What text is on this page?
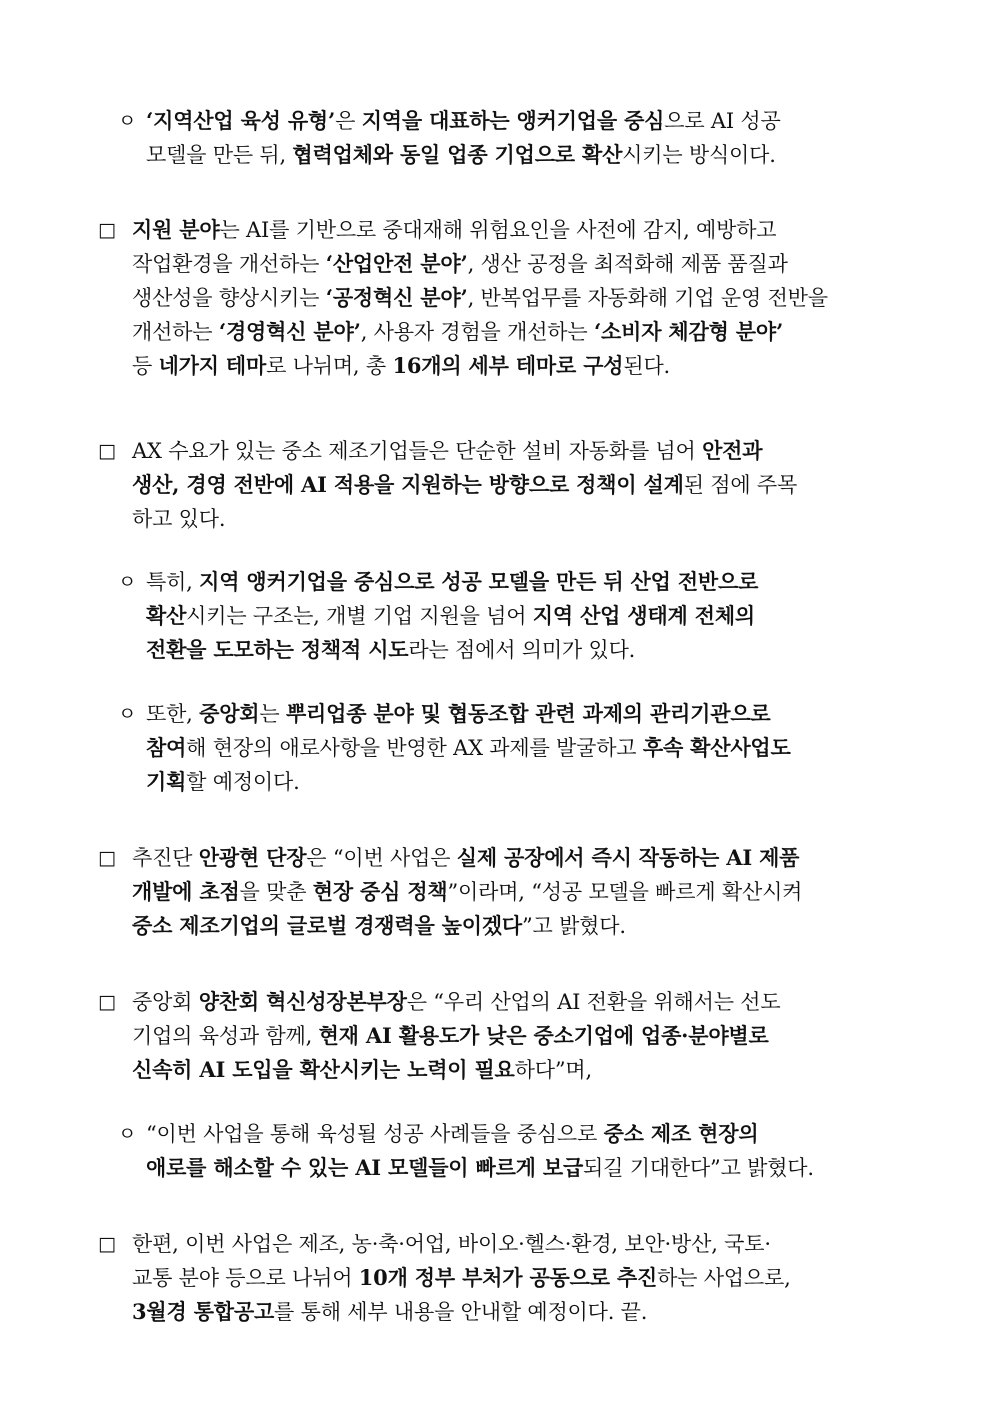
ㅇ ‘지역산업 육성 유형’은 지역을 대표하는 앵커기업을 중심으로 AI 성공
모델을 만든 뒤, 협력업체와 동일 업종 기업으로 확산시키는 방식이다.
□ 지원 분야는 AI를 기반으로 중대재해 위험요인을 사전에 감지, 예방하고
작업환경을 개선하는 ‘산업안전 분야’, 생산 공정을 최적화해 제품 품질과
생산성을 향상시키는 ‘공정혁신 분야’, 반복업무를 자동화해 기업 운영 전반을
개선하는 ‘경영혁신 분야’, 사용자 경험을 개선하는 ‘소비자 체감형 분야’
등 네가지 테마로 나뉘며, 총 16개의 세부 테마로 구성된다.
□ AX 수요가 있는 중소 제조기업들은 단순한 설비 자동화를 넘어 안전과
생산, 경영 전반에 AI 적용을 지원하는 방향으로 정책이 설계된 점에 주목
하고 있다.
ㅇ 특히, 지역 앵커기업을 중심으로 성공 모델을 만든 뒤 산업 전반으로
확산시키는 구조는, 개별 기업 지원을 넘어 지역 산업 생태계 전체의
전환을 도모하는 정책적 시도라는 점에서 의미가 있다.
ㅇ 또한, 중앙회는 뿌리업종 분야 및 협동조합 관련 과제의 관리기관으로
참여해 현장의 애로사항을 반영한 AX 과제를 발굴하고 후속 확산사업도
기획할 예정이다.
□ 추진단 안광현 단장은 “이번 사업은 실제 공장에서 즉시 작동하는 AI 제품
개발에 초점을 맞춘 현장 중심 정책”이라며, “성공 모델을 빠르게 확산시켜
중소 제조기업의 글로벌 경쟁력을 높이겠다”고 밝혔다.
□ 중앙회 양찬회 혁신성장본부장은 “우리 산업의 AI 전환을 위해서는 선도
기업의 육성과 함께, 현재 AI 활용도가 낮은 중소기업에 업종·분야별로
신속히 AI 도입을 확산시키는 노력이 필요하다”며,
ㅇ “이번 사업을 통해 육성될 성공 사례들을 중심으로 중소 제조 현장의
애로를 해소할 수 있는 AI 모델들이 빠르게 보급되길 기대한다”고 밝혔다.
□ 한편, 이번 사업은 제조, 농·축·어업, 바이오·헬스·환경, 보안·방산, 국토·
교통 분야 등으로 나뉘어 10개 정부 부처가 공동으로 추진하는 사업으로,
3월경 통합공고를 통해 세부 내용을 안내할 예정이다. 끝.
